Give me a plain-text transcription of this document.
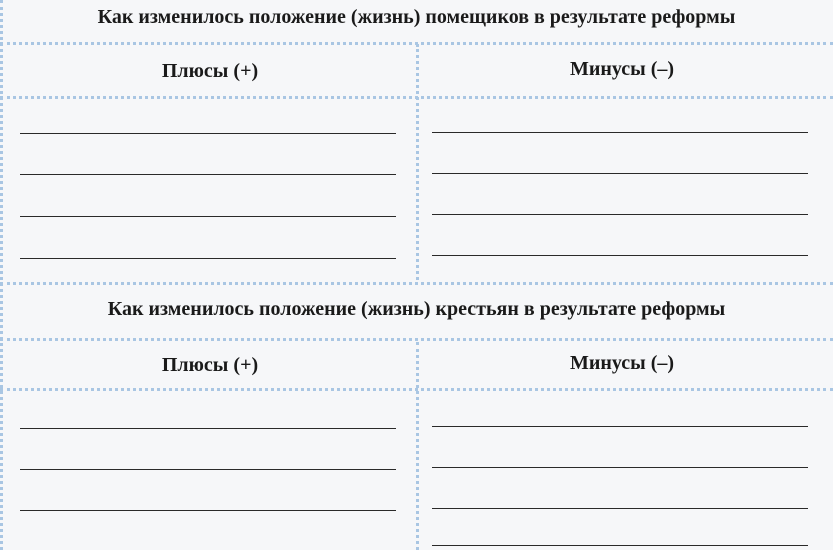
Как изменилось положение (жизнь) помещиков в результате реформы
Плюсы (+)	Минусы (–)
Как изменилось положение (жизнь) крестьян в результате реформы
Плюсы (+)	Минусы (–)
